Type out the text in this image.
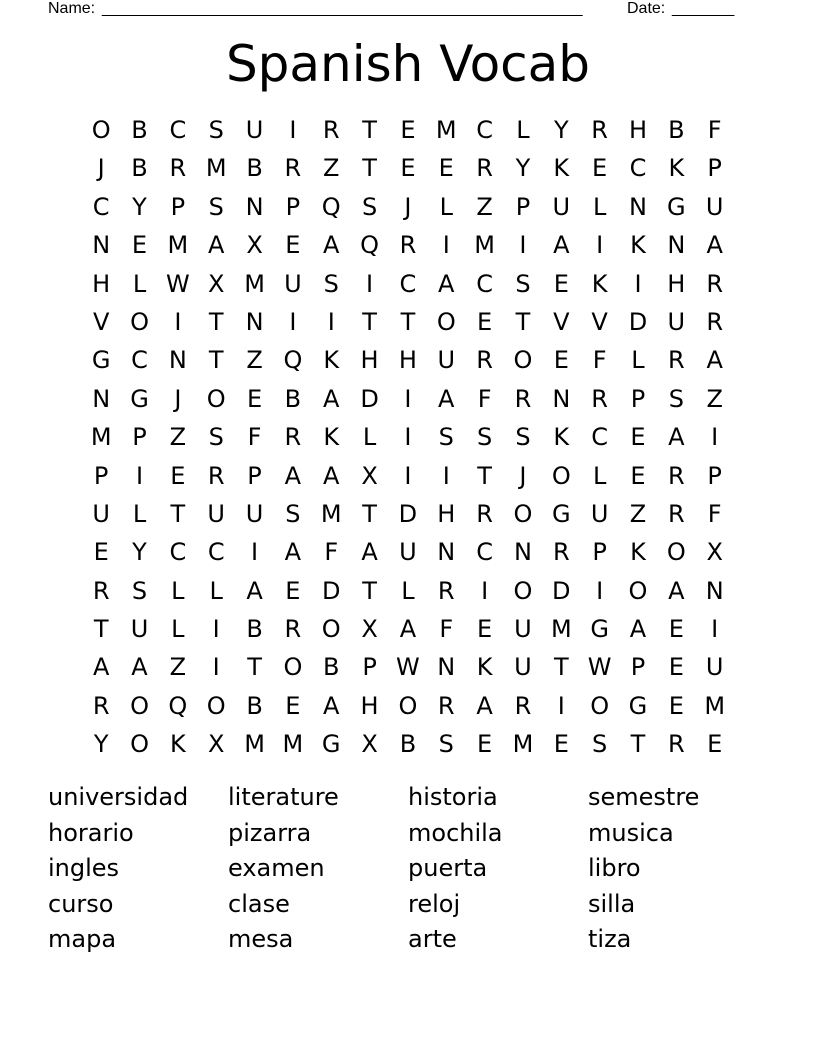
Name: ______________________________________________________	Date: _______
Spanish Vocab
O B C S U	I	R T E M C L	Y R H B F
J	B R M B R Z T E E R Y K E C K P
C Y P S N P Q S	J	L Z P U L N G U
N E M A X E A Q R	I	M	I	A	I	K N A
H L W X M U S	I	C A C S E K	I	H R
V O	I	T N	I	I	T T O E T V V D U R
G C N T Z Q K H H U R O E F	L R A
N G	J	O E B A D	I	A F R N R P S Z
M P Z S F R K L	I	S S S K C E A	I
P	I	E R P A A X	I	I	T	J	O L	E R P
U L	T U U S M T D H R O G U Z R F
E Y C C	I	A F A U N C N R P K O X
R S	L	L A E D T	L R	I	O D	I	O A N
T U L	I	B R O X A F E U M G A E	I
A A Z	I	T O B P W N K U T W P E U
R O Q O B E A H O R A R	I	O G E M
Y O K X M M G X B S E M E S T R E
universidad
horario
ingles
curso
mapa
literature
pizarra
examen
clase
mesa
historia
mochila
puerta
reloj
arte
semestre
musica
libro
silla
tiza
